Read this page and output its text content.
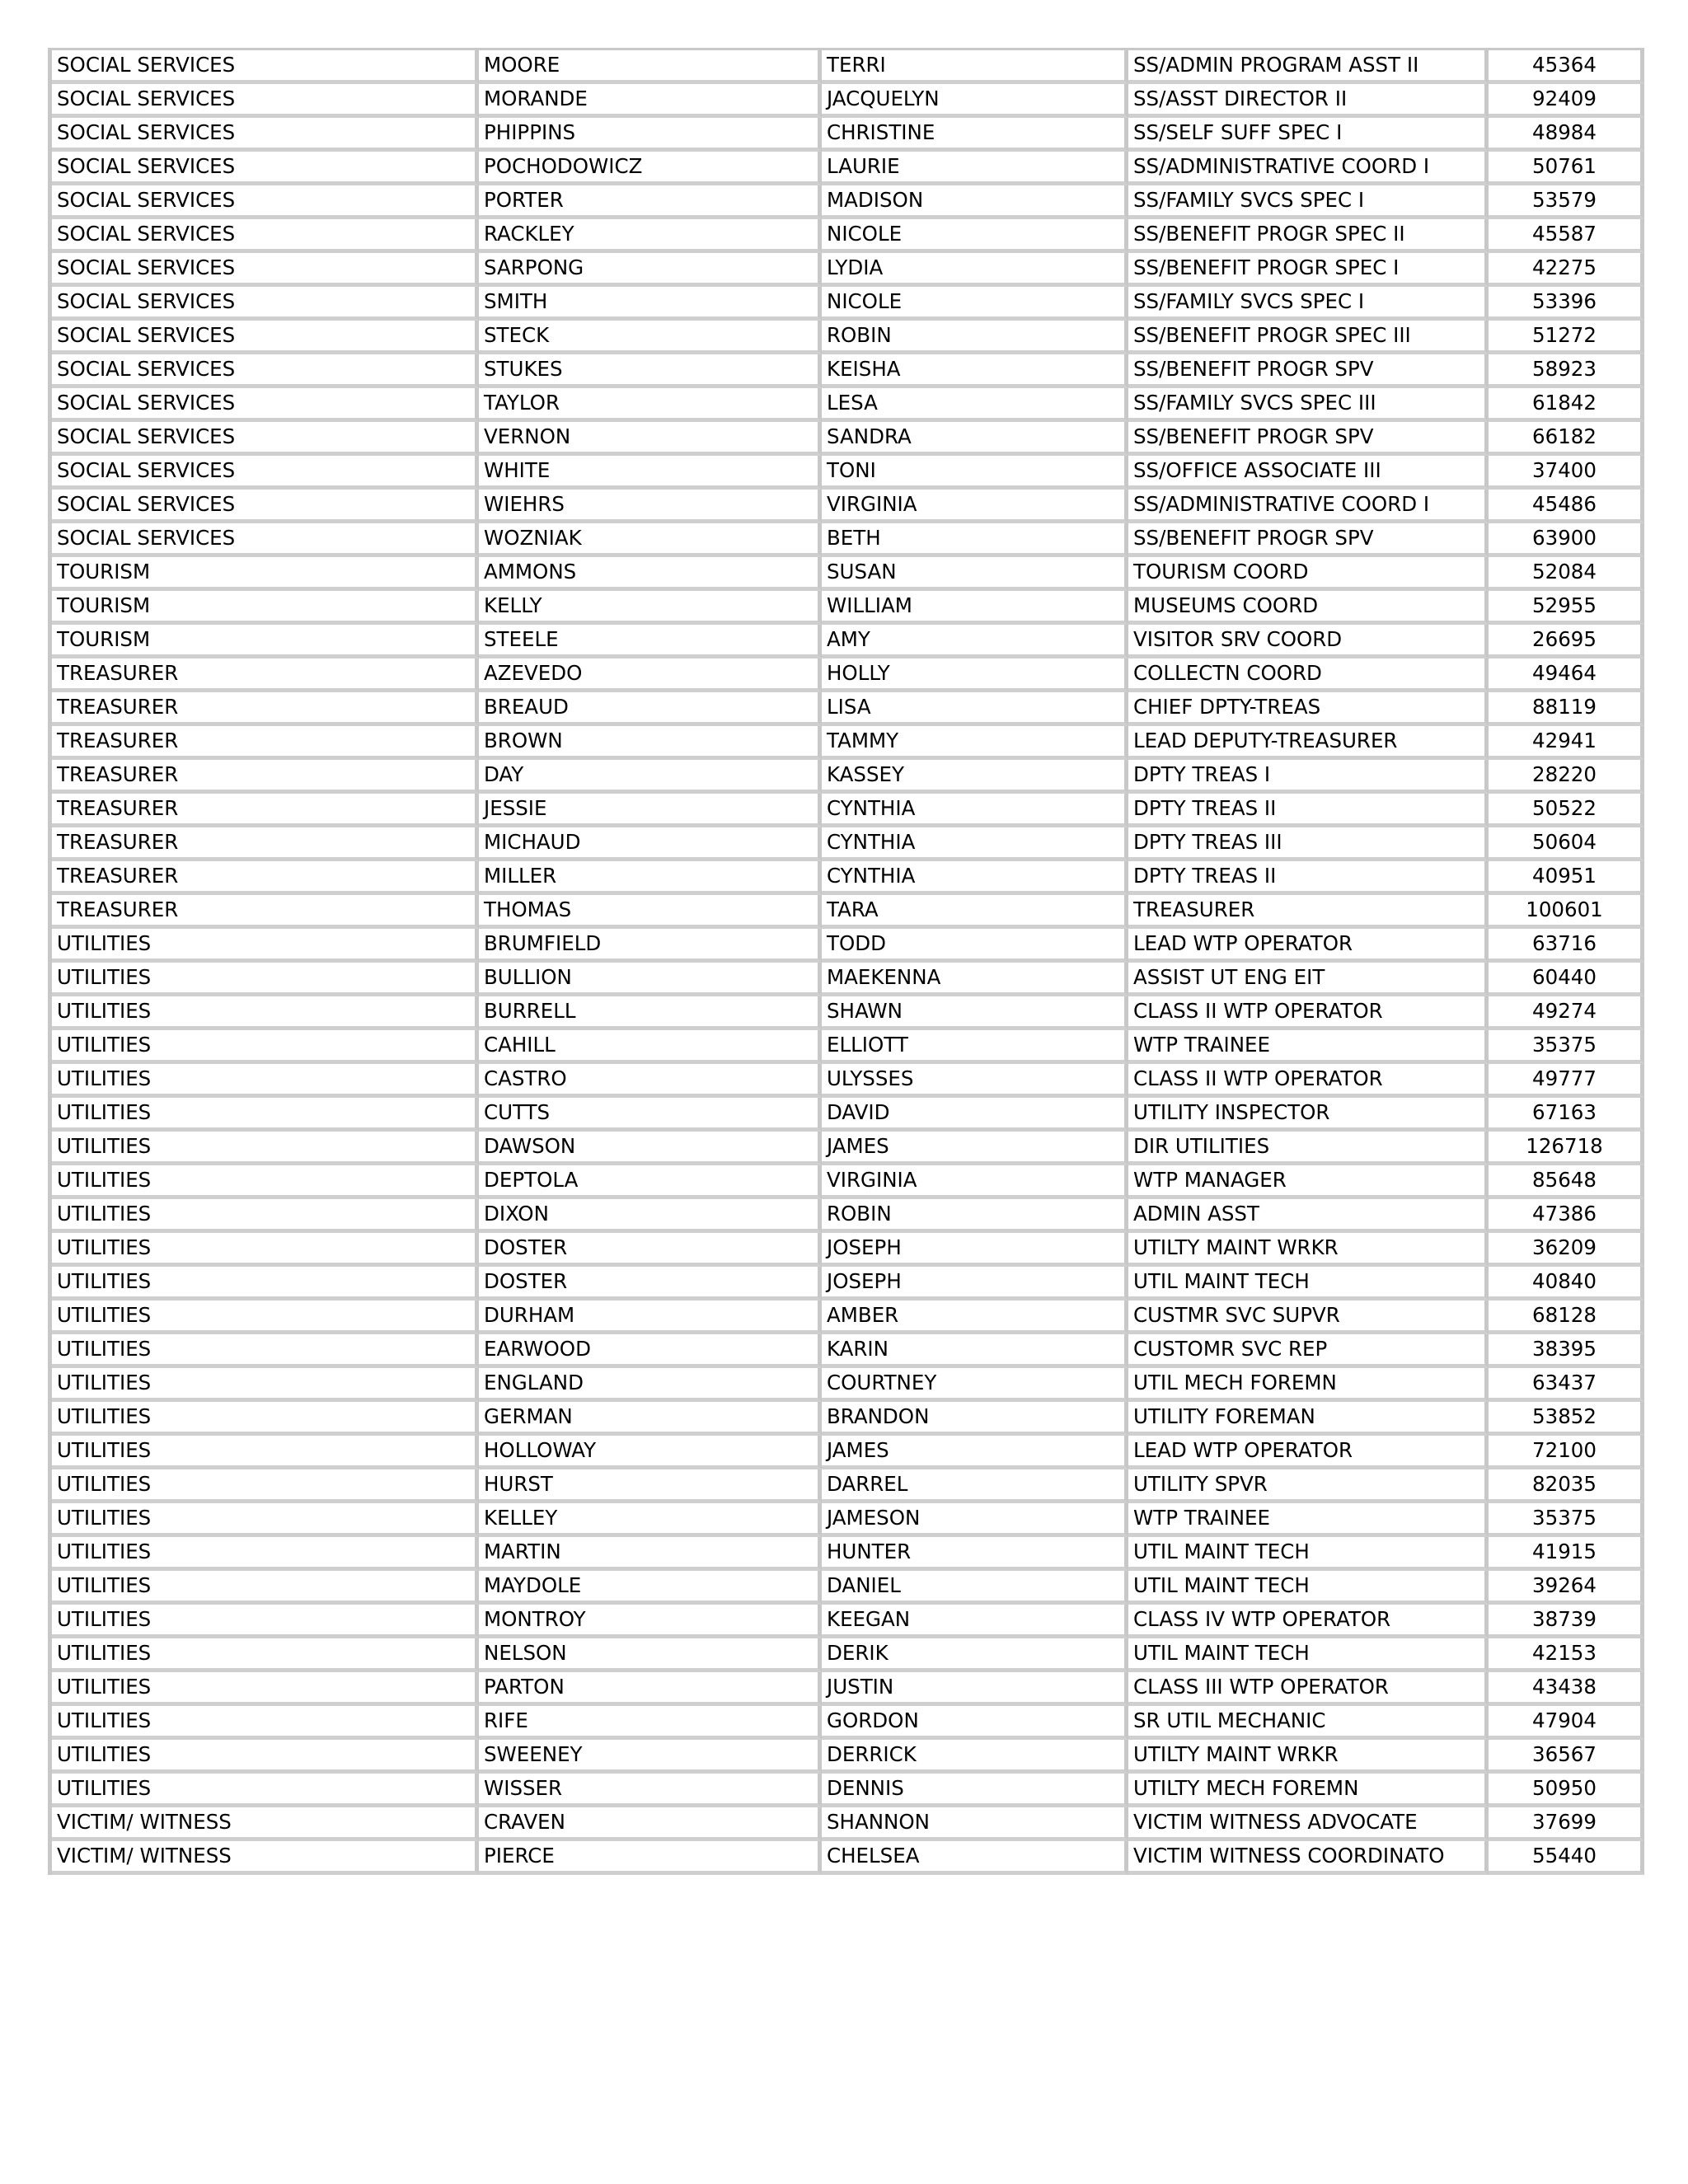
SOCIAL SERVICES	MOORE	TERRI	SS/ADMIN PROGRAM ASST II	45364
SOCIAL SERVICES	MORANDE	JACQUELYN	SS/ASST DIRECTOR II	92409
SOCIAL SERVICES	PHIPPINS	CHRISTINE	SS/SELF SUFF SPEC I	48984
SOCIAL SERVICES	POCHODOWICZ	LAURIE	SS/ADMINISTRATIVE COORD I	50761
SOCIAL SERVICES	PORTER	MADISON	SS/FAMILY SVCS SPEC I	53579
SOCIAL SERVICES	RACKLEY	NICOLE	SS/BENEFIT PROGR SPEC II	45587
SOCIAL SERVICES	SARPONG	LYDIA	SS/BENEFIT PROGR SPEC I	42275
SOCIAL SERVICES	SMITH	NICOLE	SS/FAMILY SVCS SPEC I	53396
SOCIAL SERVICES	STECK	ROBIN	SS/BENEFIT PROGR SPEC III	51272
SOCIAL SERVICES	STUKES	KEISHA	SS/BENEFIT PROGR SPV	58923
SOCIAL SERVICES	TAYLOR	LESA	SS/FAMILY SVCS SPEC III	61842
SOCIAL SERVICES	VERNON	SANDRA	SS/BENEFIT PROGR SPV	66182
SOCIAL SERVICES	WHITE	TONI	SS/OFFICE ASSOCIATE III	37400
SOCIAL SERVICES	WIEHRS	VIRGINIA	SS/ADMINISTRATIVE COORD I	45486
SOCIAL SERVICES	WOZNIAK	BETH	SS/BENEFIT PROGR SPV	63900
TOURISM	AMMONS	SUSAN	TOURISM COORD	52084
TOURISM	KELLY	WILLIAM	MUSEUMS COORD	52955
TOURISM	STEELE	AMY	VISITOR SRV COORD	26695
TREASURER	AZEVEDO	HOLLY	COLLECTN COORD	49464
TREASURER	BREAUD	LISA	CHIEF DPTY-TREAS	88119
TREASURER	BROWN	TAMMY	LEAD DEPUTY-TREASURER	42941
TREASURER	DAY	KASSEY	DPTY TREAS I	28220
TREASURER	JESSIE	CYNTHIA	DPTY TREAS II	50522
TREASURER	MICHAUD	CYNTHIA	DPTY TREAS III	50604
TREASURER	MILLER	CYNTHIA	DPTY TREAS II	40951
TREASURER	THOMAS	TARA	TREASURER	100601
UTILITIES	BRUMFIELD	TODD	LEAD WTP OPERATOR	63716
UTILITIES	BULLION	MAEKENNA	ASSIST UT ENG EIT	60440
UTILITIES	BURRELL	SHAWN	CLASS II WTP OPERATOR	49274
UTILITIES	CAHILL	ELLIOTT	WTP TRAINEE	35375
UTILITIES	CASTRO	ULYSSES	CLASS II WTP OPERATOR	49777
UTILITIES	CUTTS	DAVID	UTILITY INSPECTOR	67163
UTILITIES	DAWSON	JAMES	DIR UTILITIES	126718
UTILITIES	DEPTOLA	VIRGINIA	WTP MANAGER	85648
UTILITIES	DIXON	ROBIN	ADMIN ASST	47386
UTILITIES	DOSTER	JOSEPH	UTILTY MAINT WRKR	36209
UTILITIES	DOSTER	JOSEPH	UTIL MAINT TECH	40840
UTILITIES	DURHAM	AMBER	CUSTMR SVC SUPVR	68128
UTILITIES	EARWOOD	KARIN	CUSTOMR SVC REP	38395
UTILITIES	ENGLAND	COURTNEY	UTIL MECH FOREMN	63437
UTILITIES	GERMAN	BRANDON	UTILITY FOREMAN	53852
UTILITIES	HOLLOWAY	JAMES	LEAD WTP OPERATOR	72100
UTILITIES	HURST	DARREL	UTILITY SPVR	82035
UTILITIES	KELLEY	JAMESON	WTP TRAINEE	35375
UTILITIES	MARTIN	HUNTER	UTIL MAINT TECH	41915
UTILITIES	MAYDOLE	DANIEL	UTIL MAINT TECH	39264
UTILITIES	MONTROY	KEEGAN	CLASS IV WTP OPERATOR	38739
UTILITIES	NELSON	DERIK	UTIL MAINT TECH	42153
UTILITIES	PARTON	JUSTIN	CLASS III WTP OPERATOR	43438
UTILITIES	RIFE	GORDON	SR UTIL MECHANIC	47904
UTILITIES	SWEENEY	DERRICK	UTILTY MAINT WRKR	36567
UTILITIES	WISSER	DENNIS	UTILTY MECH FOREMN	50950
VICTIM/ WITNESS	CRAVEN	SHANNON	VICTIM WITNESS ADVOCATE	37699
VICTIM/ WITNESS	PIERCE	CHELSEA	VICTIM WITNESS COORDINATO	55440
